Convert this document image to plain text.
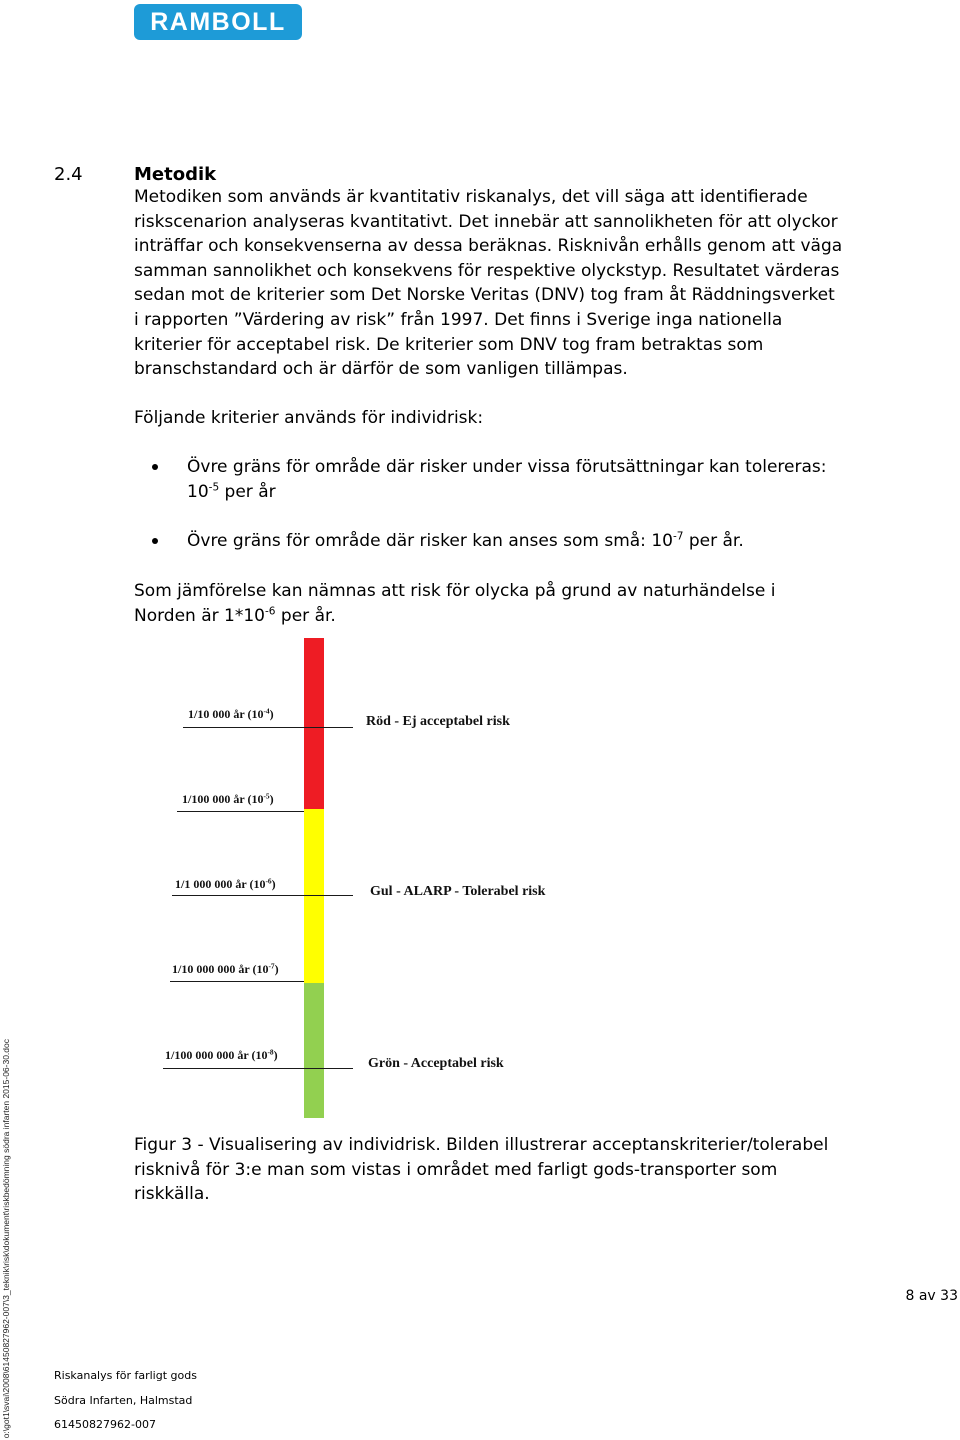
RAMBOLL
2.4	Metodik
Metodiken som används är kvantitativ riskanalys, det vill säga att identifierade
riskscenarion analyseras kvantitativt. Det innebär att sannolikheten för att olyckor
inträffar och konsekvenserna av dessa beräknas. Risknivån erhålls genom att väga
samman sannolikhet och konsekvens för respektive olyckstyp. Resultatet värderas
sedan mot de kriterier som Det Norske Veritas (DNV) tog fram åt Räddningsverket
i rapporten ”Värdering av risk” från 1997. Det finns i Sverige inga nationella
kriterier för acceptabel risk. De kriterier som DNV tog fram betraktas som
branschstandard och är därför de som vanligen tillämpas.
Följande kriterier används för individrisk:
Övre gräns för område där risker under vissa förutsättningar kan tolereras:
$10^{-5}$ per år
Övre gräns för område där risker kan anses som små: $10^{-7}$ per år.
Som jämförelse kan nämnas att risk för olycka på grund av naturhändelse i
Norden är $1*10^{-6}$ per år.
1/10 000 år $(10^{-4})$
1/100 000 år $(10^{-5})$
1/1 000 000 år $(10^{-6})$
1/10 000 000 år $(10^{-7})$
1/100 000 000 år $(10^{-8})$
Röd - Ej acceptabel risk
Gul - ALARP - Tolerabel risk
Grön - Acceptabel risk
Figur 3 - Visualisering av individrisk. Bilden illustrerar acceptanskriterier/tolerabel
risknivå för 3:e man som vistas i området med farligt gods-transporter som
riskkälla.
8 av 33
Riskanalys för farligt gods
Södra Infarten, Halmstad
61450827962-007
o:\got1\svai\2008\61450827962-007\3_teknik\risk\dokument\riskbedömning södra infarten 2015-06-30.doc
